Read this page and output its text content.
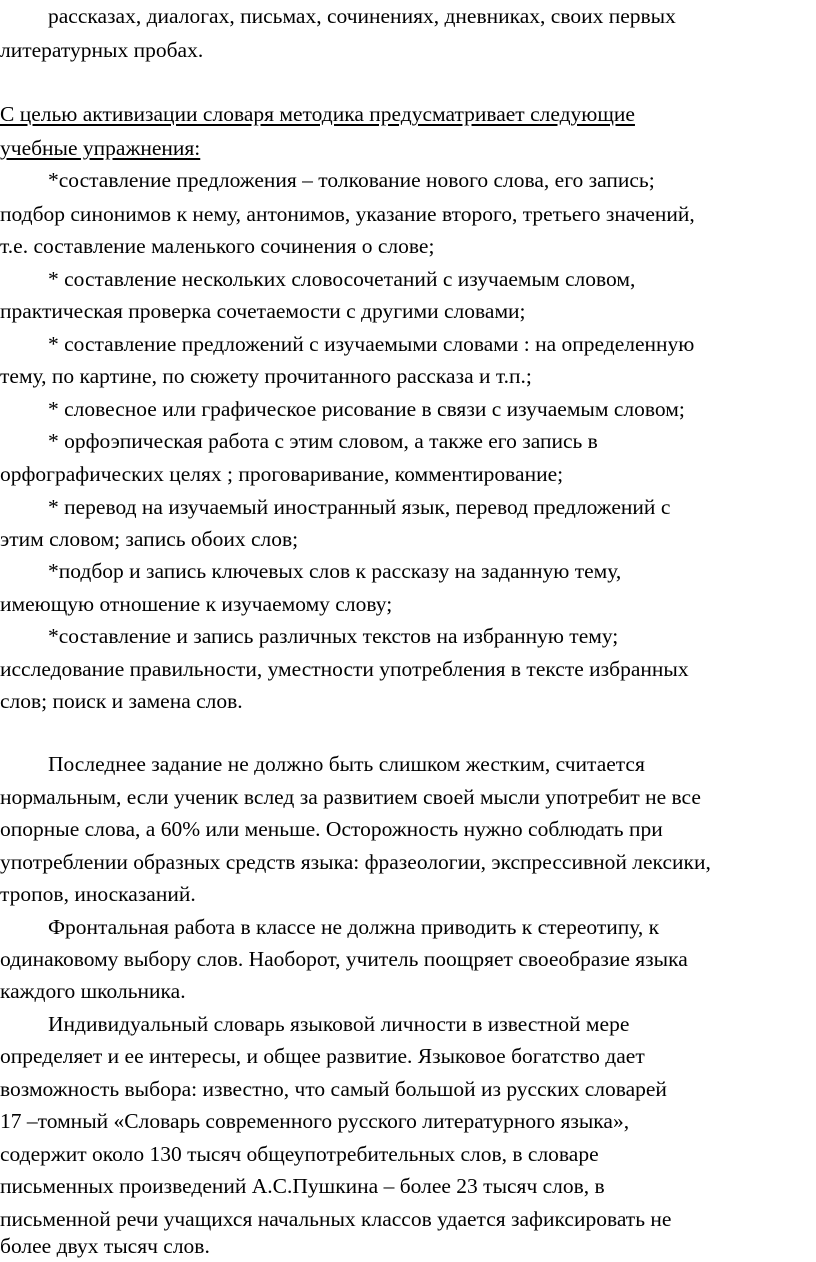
рассказах, диалогах, письмах, сочинениях, дневниках, своих первых
литературных пробах.
С целью активизации словаря методика предусматривает следующие
учебные упражнения:
*составление предложения – толкование нового слова, его запись;
подбор синонимов к нему, антонимов, указание второго, третьего значений,
т.е. составление маленького сочинения о слове;
* составление нескольких словосочетаний с изучаемым словом,
практическая проверка сочетаемости с другими словами;
* составление предложений с изучаемыми словами : на определенную
тему, по картине, по сюжету прочитанного рассказа и т.п.;
* словесное или графическое рисование в связи с изучаемым словом;
* орфоэпическая работа с этим словом, а также его запись в
орфографических целях ; проговаривание, комментирование;
* перевод на изучаемый иностранный язык, перевод предложений с
этим словом; запись обоих слов;
*подбор и запись ключевых слов к рассказу на заданную тему,
имеющую отношение к изучаемому слову;
*составление и запись различных текстов на избранную тему;
исследование правильности, уместности употребления в тексте избранных
слов; поиск и замена слов.
Последнее задание не должно быть слишком жестким, считается
нормальным, если ученик вслед за развитием своей мысли употребит не все
опорные слова, а 60% или меньше. Осторожность нужно соблюдать при
употреблении образных средств языка: фразеологии, экспрессивной лексики,
тропов, иносказаний.
Фронтальная работа в классе не должна приводить к стереотипу, к
одинаковому выбору слов. Наоборот, учитель поощряет своеобразие языка
каждого школьника.
Индивидуальный словарь языковой личности в известной мере
определяет и ее интересы, и общее развитие. Языковое богатство дает
возможность выбора: известно, что самый большой из русских словарей
17 –томный «Словарь современного русского литературного языка»,
содержит около 130 тысяч общеупотребительных слов, в словаре
письменных произведений А.С.Пушкина – более 23 тысяч слов, в
письменной речи учащихся начальных классов удается зафиксировать не
более двух тысяч слов.
